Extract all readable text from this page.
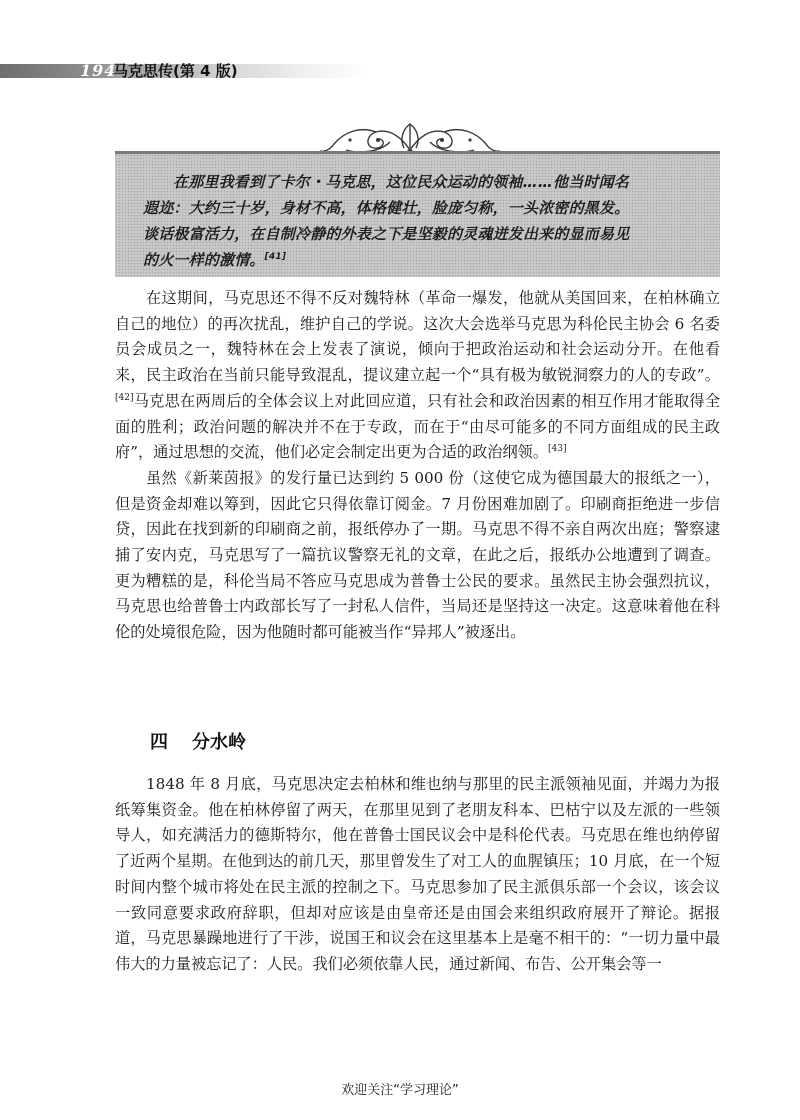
194
马克思传(第 4 版)
在那里我看到了卡尔・马克思，这位民众运动的领袖……他当时闻名
遐迩：大约三十岁，身材不高，体格健壮，脸庞匀称，一头浓密的黑发。
谈话极富活力，在自制冷静的外表之下是坚毅的灵魂迸发出来的显而易见
的火一样的激情。[41]

在这期间，马克思还不得不反对魏特林（革命一爆发，他就从美国回来，在柏林确立自己的地位）的再次扰乱，维护自己的学说。这次大会选举马克思为科伦民主协会 6 名委员会成员之一，魏特林在会上发表了演说，倾向于把政治运动和社会运动分开。在他看来，民主政治在当前只能导致混乱，提议建立起一个“具有极为敏锐洞察力的人的专政”。[42]马克思在两周后的全体会议上对此回应道，只有社会和政治因素的相互作用才能取得全面的胜利；政治问题的解决并不在于专政，而在于“由尽可能多的不同方面组成的民主政府”，通过思想的交流，他们必定会制定出更为合适的政治纲领。[43]

虽然《新莱茵报》的发行量已达到约 5 000 份（这使它成为德国最大的报纸之一），但是资金却难以筹到，因此它只得依靠订阅金。7 月份困难加剧了。印刷商拒绝进一步信贷，因此在找到新的印刷商之前，报纸停办了一期。马克思不得不亲自两次出庭；警察逮捕了安内克，马克思写了一篇抗议警察无礼的文章，在此之后，报纸办公地遭到了调查。更为糟糕的是，科伦当局不答应马克思成为普鲁士公民的要求。虽然民主协会强烈抗议，马克思也给普鲁士内政部长写了一封私人信件，当局还是坚持这一决定。这意味着他在科伦的处境很危险，因为他随时都可能被当作“异邦人”被逐出。

四 分水岭

1848 年 8 月底，马克思决定去柏林和维也纳与那里的民主派领袖见面，并竭力为报纸筹集资金。他在柏林停留了两天，在那里见到了老朋友科本、巴枯宁以及左派的一些领导人，如充满活力的德斯特尔，他在普鲁士国民议会中是科伦代表。马克思在维也纳停留了近两个星期。在他到达的前几天，那里曾发生了对工人的血腥镇压；10 月底，在一个短时间内整个城市将处在民主派的控制之下。马克思参加了民主派俱乐部一个会议，该会议一致同意要求政府辞职，但却对应该是由皇帝还是由国会来组织政府展开了辩论。据报道，马克思暴躁地进行了干涉，说国王和议会在这里基本上是毫不相干的：“一切力量中最伟大的力量被忘记了：人民。我们必须依靠人民，通过新闻、布告、公开集会等一

欢迎关注“学习理论”
